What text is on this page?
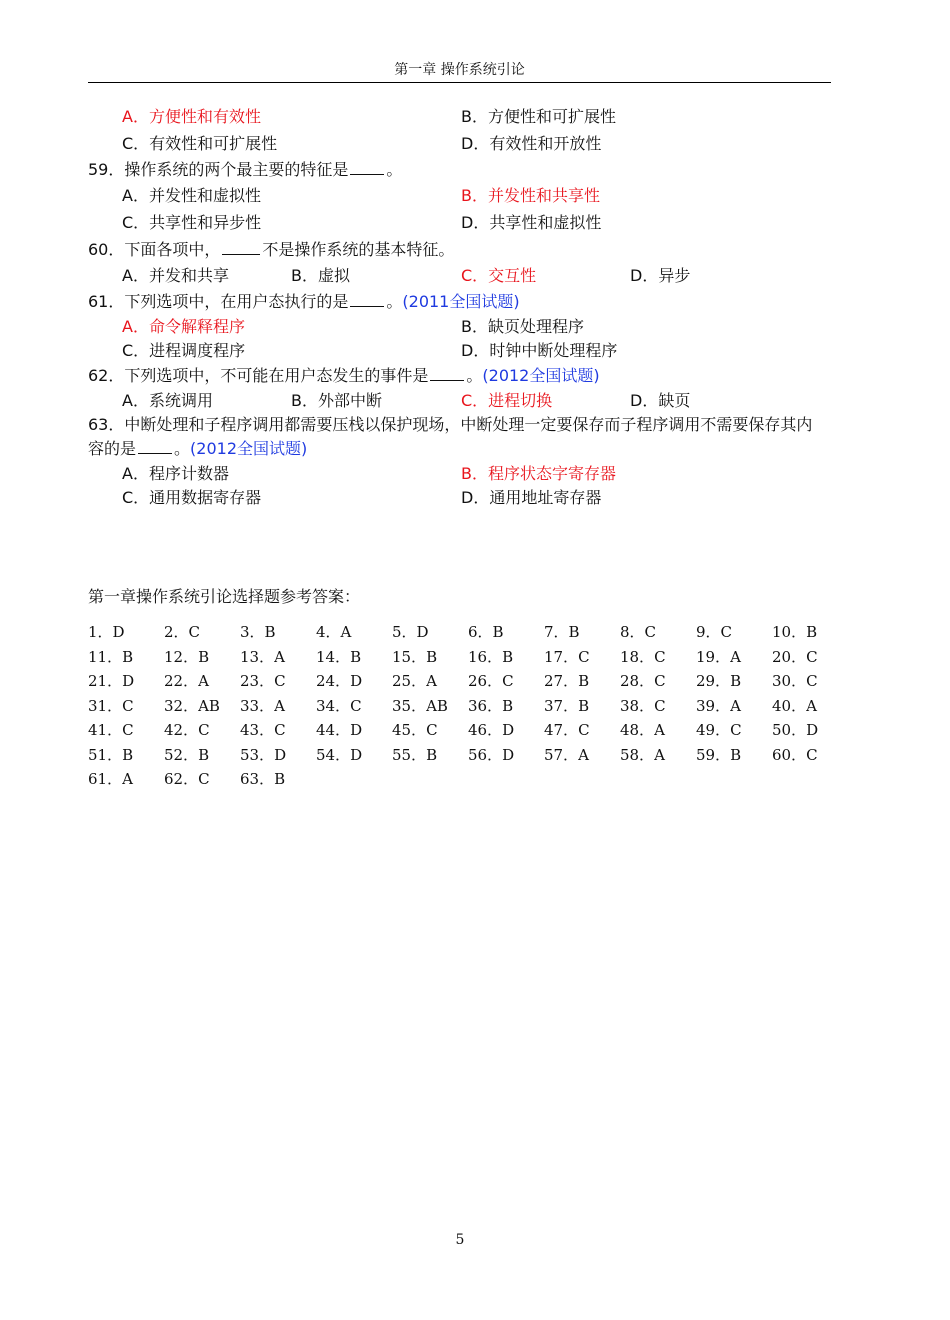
第一章 操作系统引论
A．方便性和有效性	B．方便性和可扩展性
C．有效性和可扩展性	D．有效性和开放性
59．操作系统的两个最主要的特征是 。
A．并发性和虚拟性	B．并发性和共享性
C．共享性和异步性	D．共享性和虚拟性
60．下面各项中，	不是操作系统的基本特征。
A．并发和共享	B．虚拟	C．交互性	D．异步
61．下列选项中，在用户态执行的是 。(2011全国试题)
A．命令解释程序	B．缺页处理程序
C．进程调度程序	D．时钟中断处理程序
62．下列选项中，不可能在用户态发生的事件是 。(2012全国试题)
A．系统调用	B．外部中断	C．进程切换	D．缺页
63．中断处理和子程序调用都需要压栈以保护现场，中断处理一定要保存而子程序调用不需要保存其内
容的是 。(2012全国试题)
A．程序计数器	B．程序状态字寄存器
C．通用数据寄存器	D．通用地址寄存器
第一章操作系统引论选择题参考答案：
1．D	2．C	3．B	4．A	5．D	6．B	7．B	8．C	9．C	10．B
11．B 12．B 13．A 14．B 15．B 16．B 17．C 18．C 19．A 20．C
21．D 22．A 23．C 24．D 25．A 26．C 27．B 28．C 29．B 30．C
31．C 32．AB 33．A 34．C 35．AB 36．B 37．B 38．C 39．A 40．A
41．C 42．C 43．C 44．D 45．C 46．D 47．C 48．A 49．C 50．D
51．B 52．B 53．D 54．D 55．B 56．D 57．A 58．A 59．B 60．C
61．A 62．C 63．B
5
